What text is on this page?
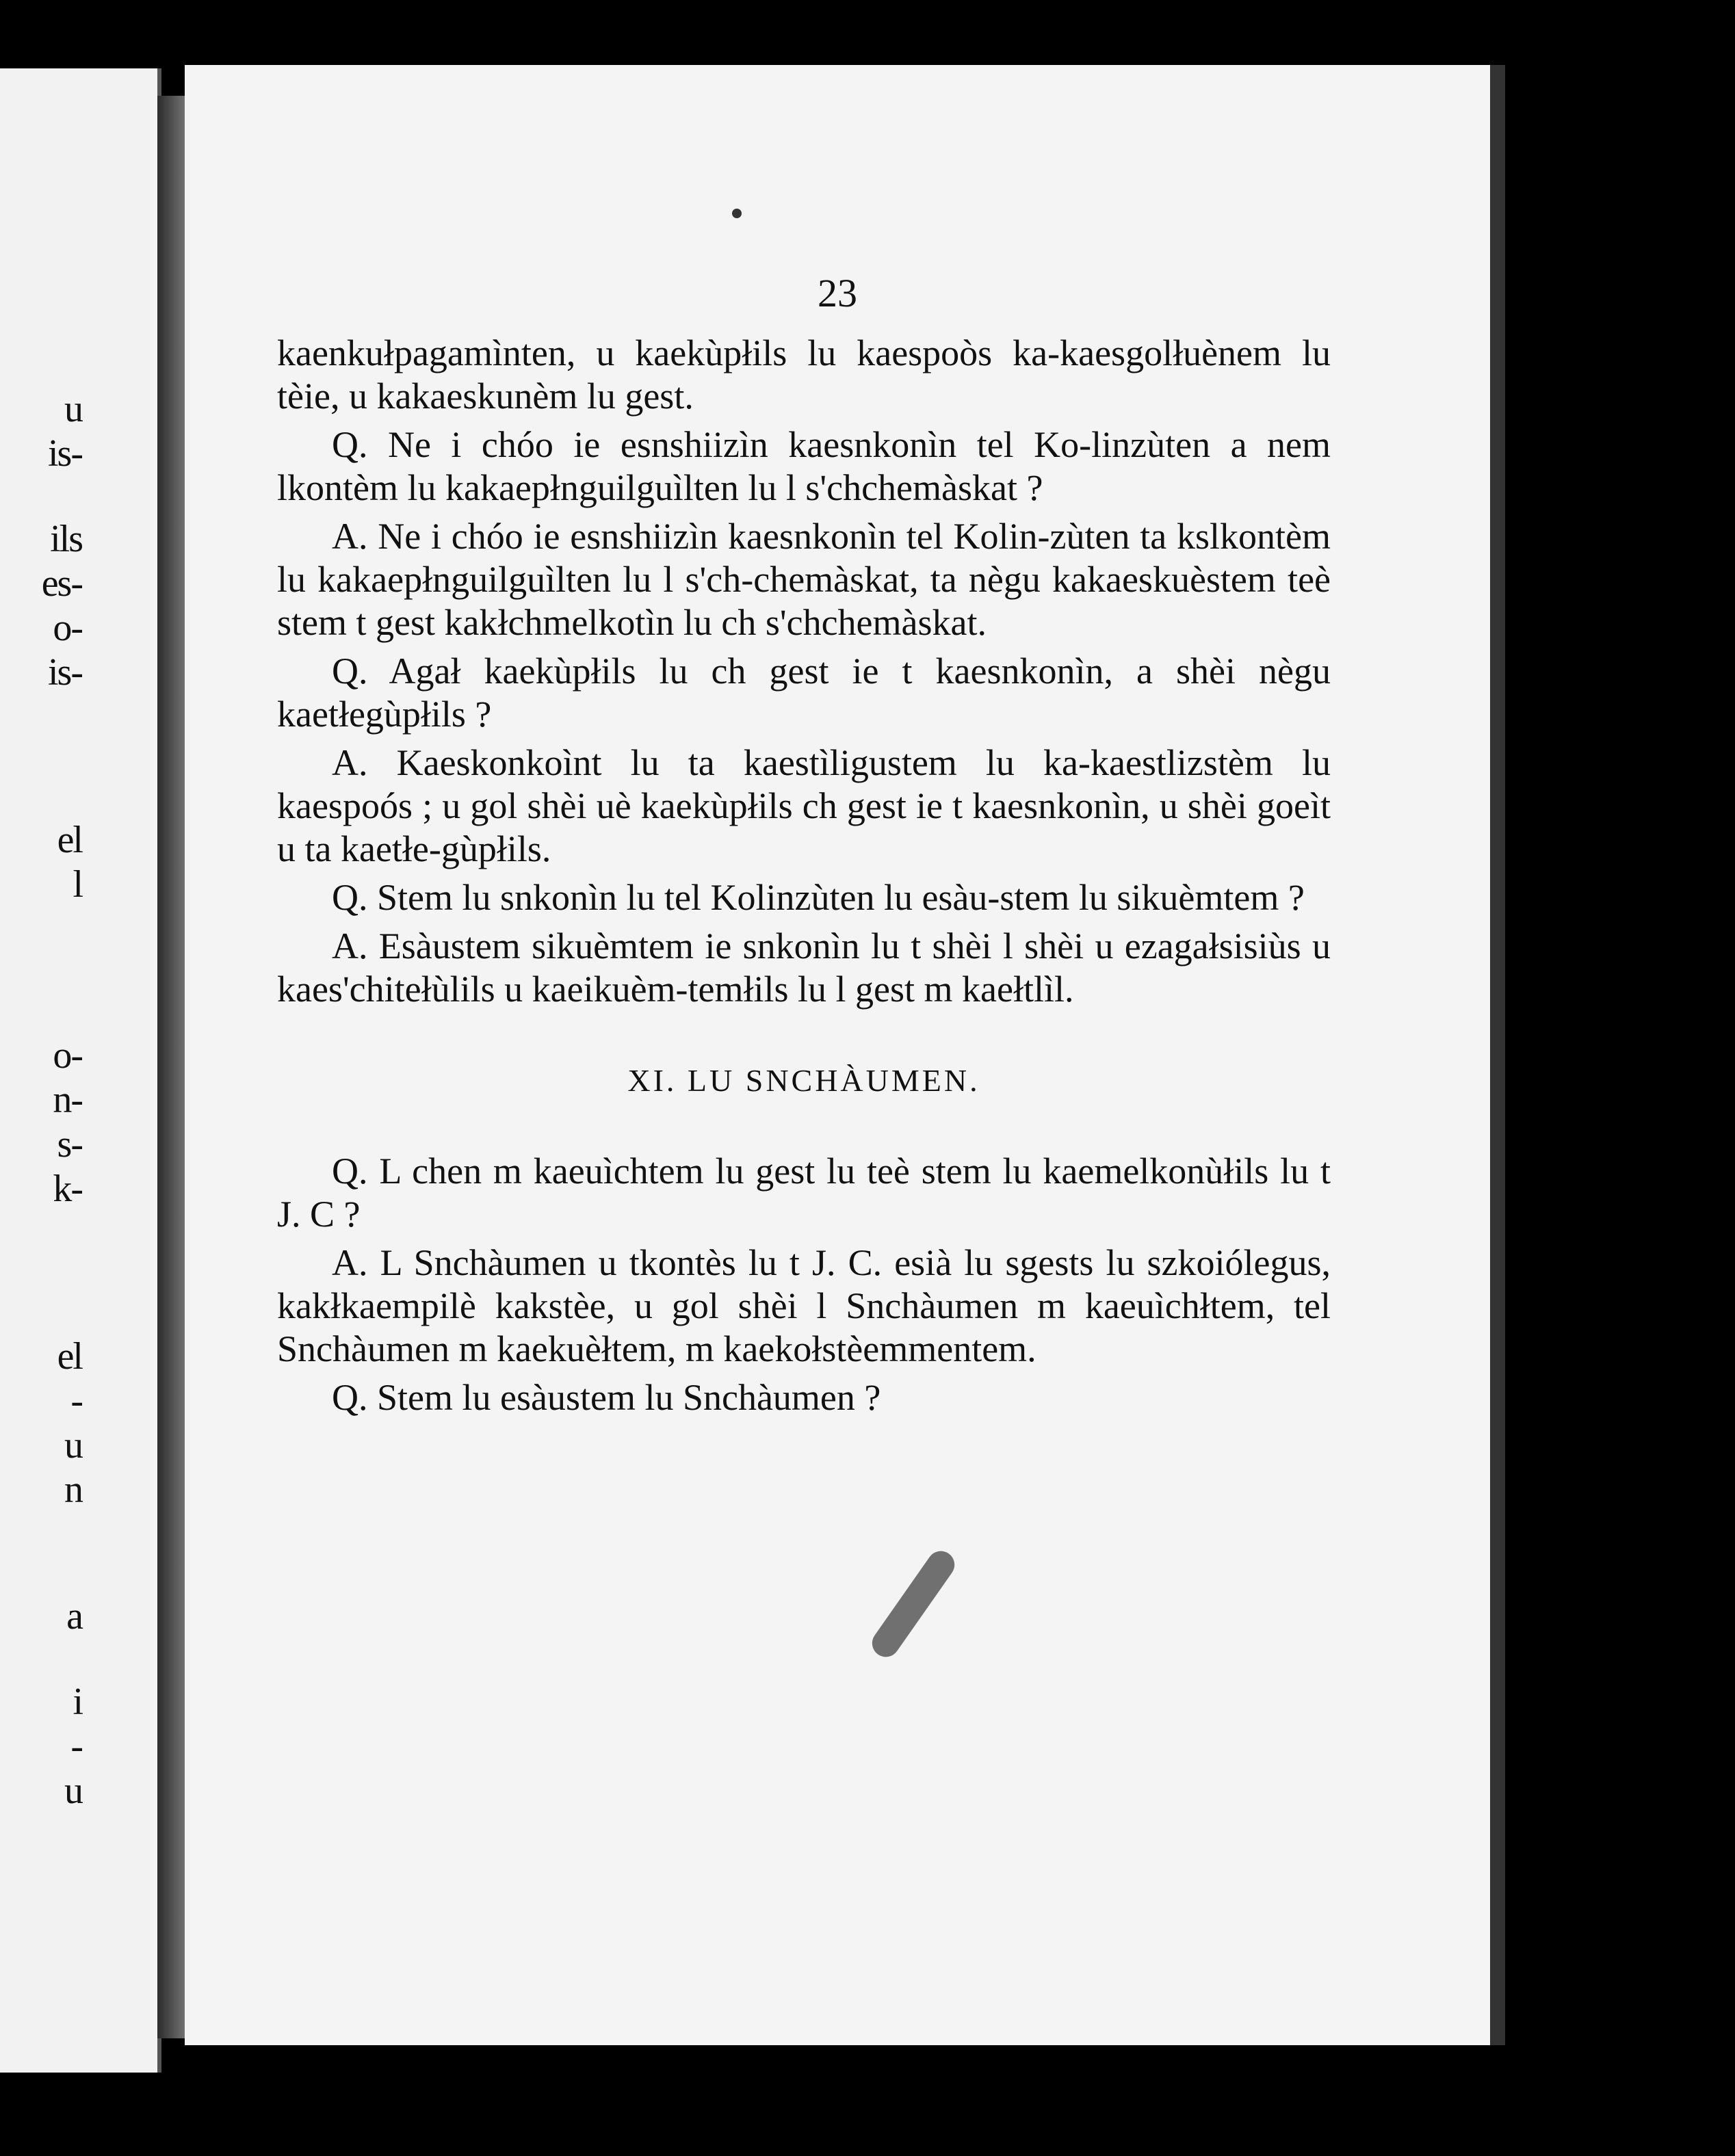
u
is-
ils
es-
o-
is-
el
l
o-
n-
s-
k-
el
-
u
n
a
i
-
u
23

kaenkułpagamìnten, u kaekùpłils lu kaespoòs ka-kaesgolłuènem lu tèie, u kakaeskunèm lu gest.

Q. Ne i chóo ie esnshiizìn kaesnkonìn tel Ko-linzùten a nem lkontèm lu kakaepłnguilguìlten lu l s'chchemàskat ?

A. Ne i chóo ie esnshiizìn kaesnkonìn tel Kolin-zùten ta kslkontèm lu kakaepłnguilguìlten lu l s'ch-chemàskat, ta nègu kakaeskuèstem teè stem t gest kakłchmelkotìn lu ch s'chchemàskat.

Q. Agał kaekùpłils lu ch gest ie t kaesnkonìn, a shèi nègu kaetłegùpłils ?

A. Kaeskonkoìnt lu ta kaestìligustem lu ka-kaestlizstèm lu kaespoós ; u gol shèi uè kaekùpłils ch gest ie t kaesnkonìn, u shèi goeìt u ta kaetłe-gùpłils.

Q. Stem lu snkonìn lu tel Kolinzùten lu esàu-stem lu sikuèmtem ?

A. Esàustem sikuèmtem ie snkonìn lu t shèi l shèi u ezagałsisiùs u kaes'chitełùlils u kaeikuèm-temłils lu l gest m kaełtlìl.

XI. LU SNCHÀUMEN.

Q. L chen m kaeuìchtem lu gest lu teè stem lu kaemelkonùłils lu t J. C ?

A. L Snchàumen u tkontès lu t J. C. esià lu sgests lu szkoiólegus, kakłkaempilè kakstèe, u gol shèi l Snchàumen m kaeuìchłtem, tel Snchàumen m kaekuèłtem, m kaekołstèemmentem.

Q. Stem lu esàustem lu Snchàumen ?
